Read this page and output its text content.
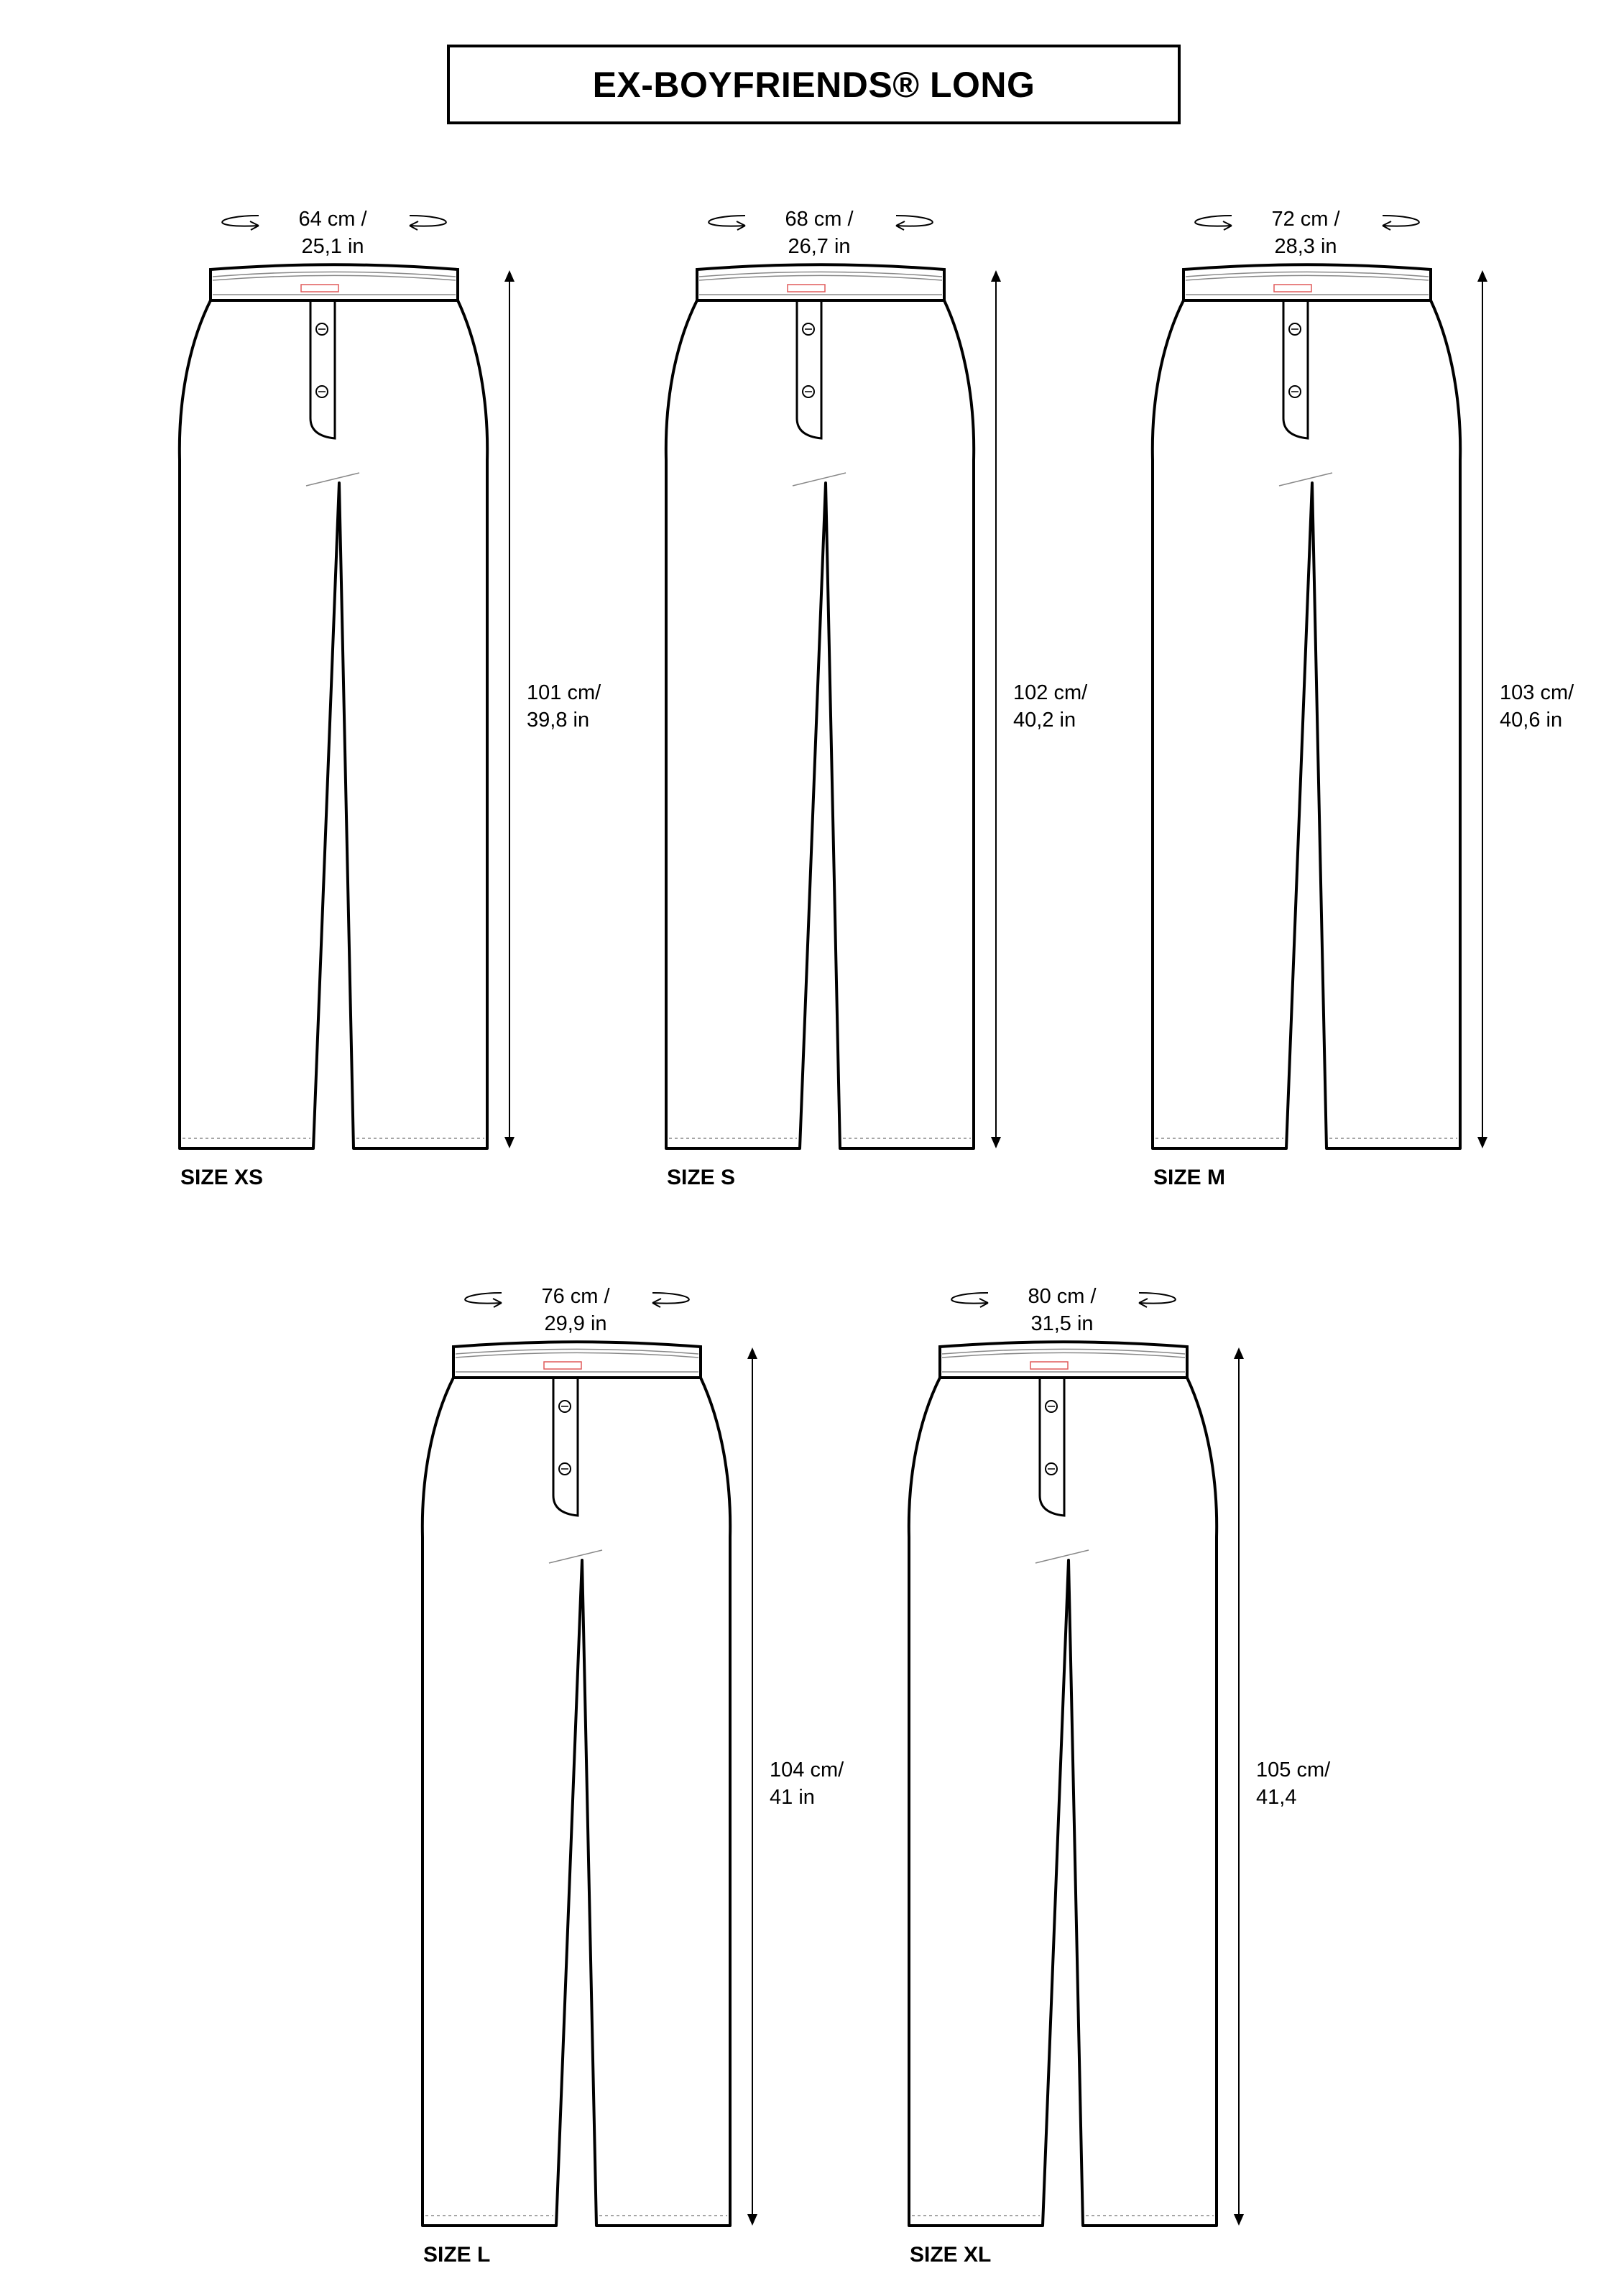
EX-BOYFRIENDS® LONG
64 cm /
25,1 in
101 cm/
39,8 in
SIZE XS
68 cm /
26,7 in
102 cm/
40,2 in
SIZE S
72 cm /
28,3 in
103 cm/
40,6 in
SIZE M
76 cm /
29,9 in
104 cm/
41 in
SIZE L
80 cm /
31,5 in
105 cm/
41,4
SIZE XL
